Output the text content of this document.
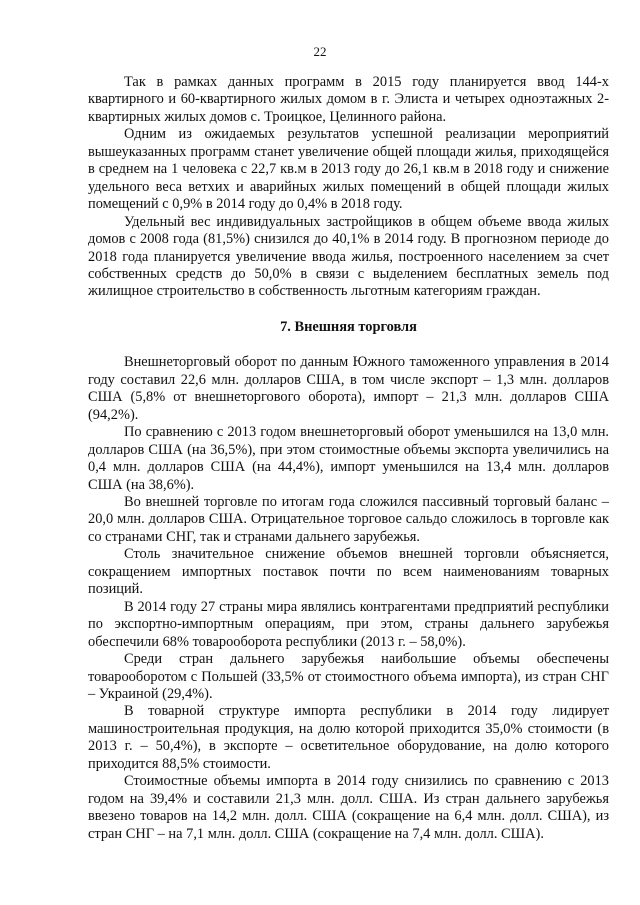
22

Так в рамках данных программ в 2015 году планируется ввод 144-х квартирного и 60-квартирного жилых домом в г. Элиста и четырех одноэтажных 2-квартирных жилых домов с. Троицкое, Целинного района.

Одним из ожидаемых результатов успешной реализации мероприятий вышеуказанных программ станет увеличение общей площади жилья, приходящейся в среднем на 1 человека с 22,7 кв.м в 2013 году до 26,1 кв.м в 2018 году и снижение удельного веса ветхих и аварийных жилых помещений в общей площади жилых помещений с 0,9% в 2014 году до 0,4% в 2018 году.

Удельный вес индивидуальных застройщиков в общем объеме ввода жилых домов с 2008 года (81,5%) снизился до 40,1% в 2014 году. В прогнозном периоде до 2018 года планируется увеличение ввода жилья, построенного населением за счет собственных средств до 50,0% в связи с выделением бесплатных земель под жилищное строительство в собственность льготным категориям граждан.

7. Внешняя торговля

Внешнеторговый оборот по данным Южного таможенного управления в 2014 году составил 22,6 млн. долларов США, в том числе экспорт – 1,3 млн. долларов США (5,8% от внешнеторгового оборота), импорт – 21,3 млн. долларов США (94,2%).

По сравнению с 2013 годом внешнеторговый оборот уменьшился на 13,0 млн. долларов США (на 36,5%), при этом стоимостные объемы экспорта увеличились на 0,4 млн. долларов США (на 44,4%), импорт уменьшился на 13,4 млн. долларов США (на 38,6%).

Во внешней торговле по итогам года сложился пассивный торговый баланс – 20,0 млн. долларов США. Отрицательное торговое сальдо сложилось в торговле как со странами СНГ, так и странами дальнего зарубежья.

Столь значительное снижение объемов внешней торговли объясняется, сокращением импортных поставок почти по всем наименованиям товарных позиций.

В 2014 году 27 страны мира являлись контрагентами предприятий республики по экспортно-импортным операциям, при этом, страны дальнего зарубежья обеспечили 68% товарооборота республики (2013 г. – 58,0%).

Среди стран дальнего зарубежья наибольшие объемы обеспечены товарооборотом с Польшей (33,5% от стоимостного объема импорта), из стран СНГ – Украиной (29,4%).

В товарной структуре импорта республики в 2014 году лидирует машиностроительная продукция, на долю которой приходится 35,0% стоимости (в 2013 г. – 50,4%), в экспорте – осветительное оборудование, на долю которого приходится 88,5% стоимости.

Стоимостные объемы импорта в 2014 году снизились по сравнению с 2013 годом на 39,4% и составили 21,3 млн. долл. США. Из стран дальнего зарубежья ввезено товаров на 14,2 млн. долл. США (сокращение на 6,4 млн. долл. США), из стран СНГ – на 7,1 млн. долл. США (сокращение на 7,4 млн. долл. США).
